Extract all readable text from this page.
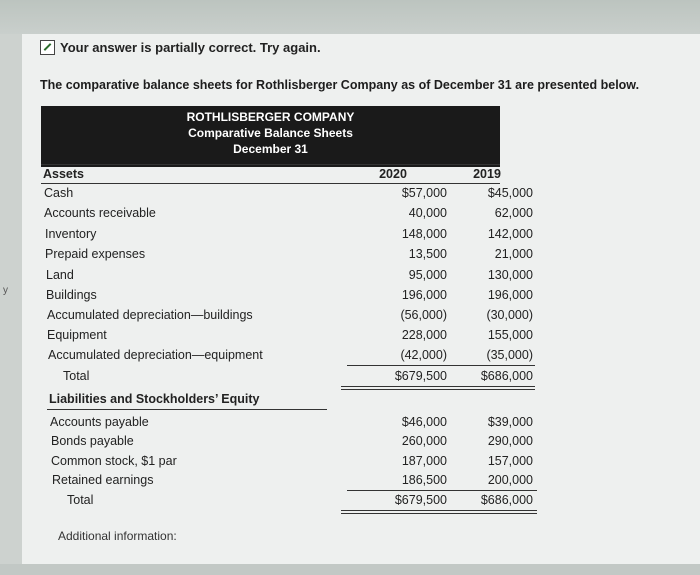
y
Your answer is partially correct. Try again.
The comparative balance sheets for Rothlisberger Company as of December 31 are presented below.
ROTHLISBERGER COMPANY
Comparative Balance Sheets
December 31
Assets	2020	2019
Cash	$57,000	$45,000
Accounts receivable	40,000	62,000
Inventory	148,000	142,000
Prepaid expenses	13,500	21,000
Land	95,000	130,000
Buildings	196,000	196,000
Accumulated depreciation—buildings	(56,000)	(30,000)
Equipment	228,000	155,000
Accumulated depreciation—equipment	(42,000)	(35,000)
Total	$679,500	$686,000
Liabilities and Stockholders’ Equity
Accounts payable	$46,000	$39,000
Bonds payable	260,000	290,000
Common stock, $1 par	187,000	157,000
Retained earnings	186,500	200,000
Total	$679,500	$686,000
Additional information:
